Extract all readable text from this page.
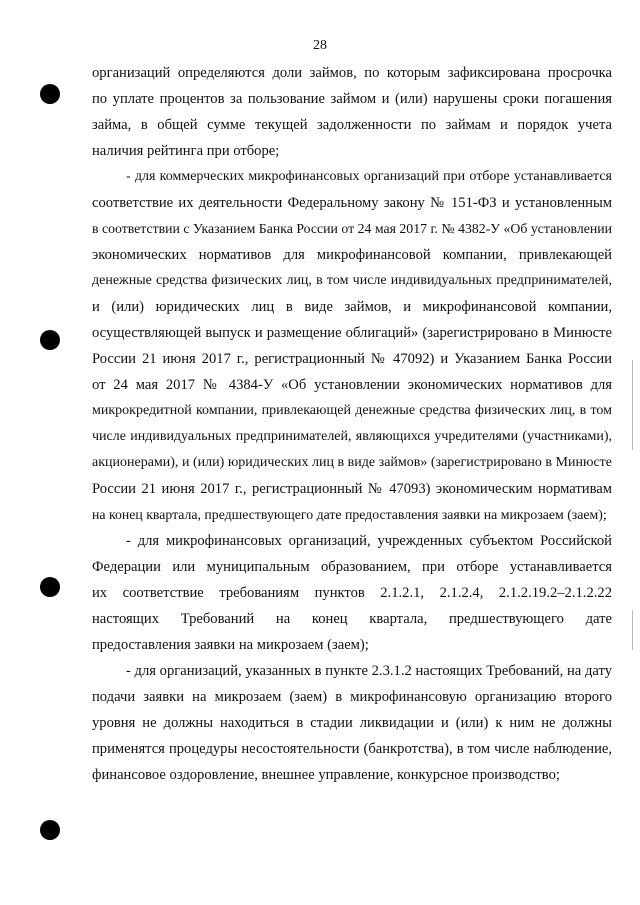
28
организаций определяются доли займов, по которым зафиксирована просрочка
по уплате процентов за пользование займом и (или) нарушены сроки погашения
займа, в общей сумме текущей задолженности по займам и порядок учета
наличия рейтинга при отборе;
- для коммерческих микрофинансовых организаций при отборе устанавливается
соответствие их деятельности Федеральному закону № 151-ФЗ и установленным
в соответствии с Указанием Банка России от 24 мая 2017 г. № 4382-У «Об установлении
экономических нормативов для микрофинансовой компании, привлекающей
денежные средства физических лиц, в том числе индивидуальных предпринимателей,
и (или) юридических лиц в виде займов, и микрофинансовой компании,
осуществляющей выпуск и размещение облигаций» (зарегистрировано в Минюсте
России 21 июня 2017 г., регистрационный № 47092) и Указанием Банка России
от 24 мая 2017 № 4384-У «Об установлении экономических нормативов для
микрокредитной компании, привлекающей денежные средства физических лиц, в том
числе индивидуальных предпринимателей, являющихся учредителями (участниками),
акционерами), и (или) юридических лиц в виде займов» (зарегистрировано в Минюсте
России 21 июня 2017 г., регистрационный № 47093) экономическим нормативам
на конец квартала, предшествующего дате предоставления заявки на микрозаем (заем);
- для микрофинансовых организаций, учрежденных субъектом Российской
Федерации или муниципальным образованием, при отборе устанавливается
их соответствие требованиям пунктов 2.1.2.1, 2.1.2.4, 2.1.2.19.2–2.1.2.22
настоящих Требований на конец квартала, предшествующего дате
предоставления заявки на микрозаем (заем);
- для организаций, указанных в пункте 2.3.1.2 настоящих Требований, на дату
подачи заявки на микрозаем (заем) в микрофинансовую организацию второго
уровня не должны находиться в стадии ликвидации и (или) к ним не должны
применятся процедуры несостоятельности (банкротства), в том числе наблюдение,
финансовое оздоровление, внешнее управление, конкурсное производство;
